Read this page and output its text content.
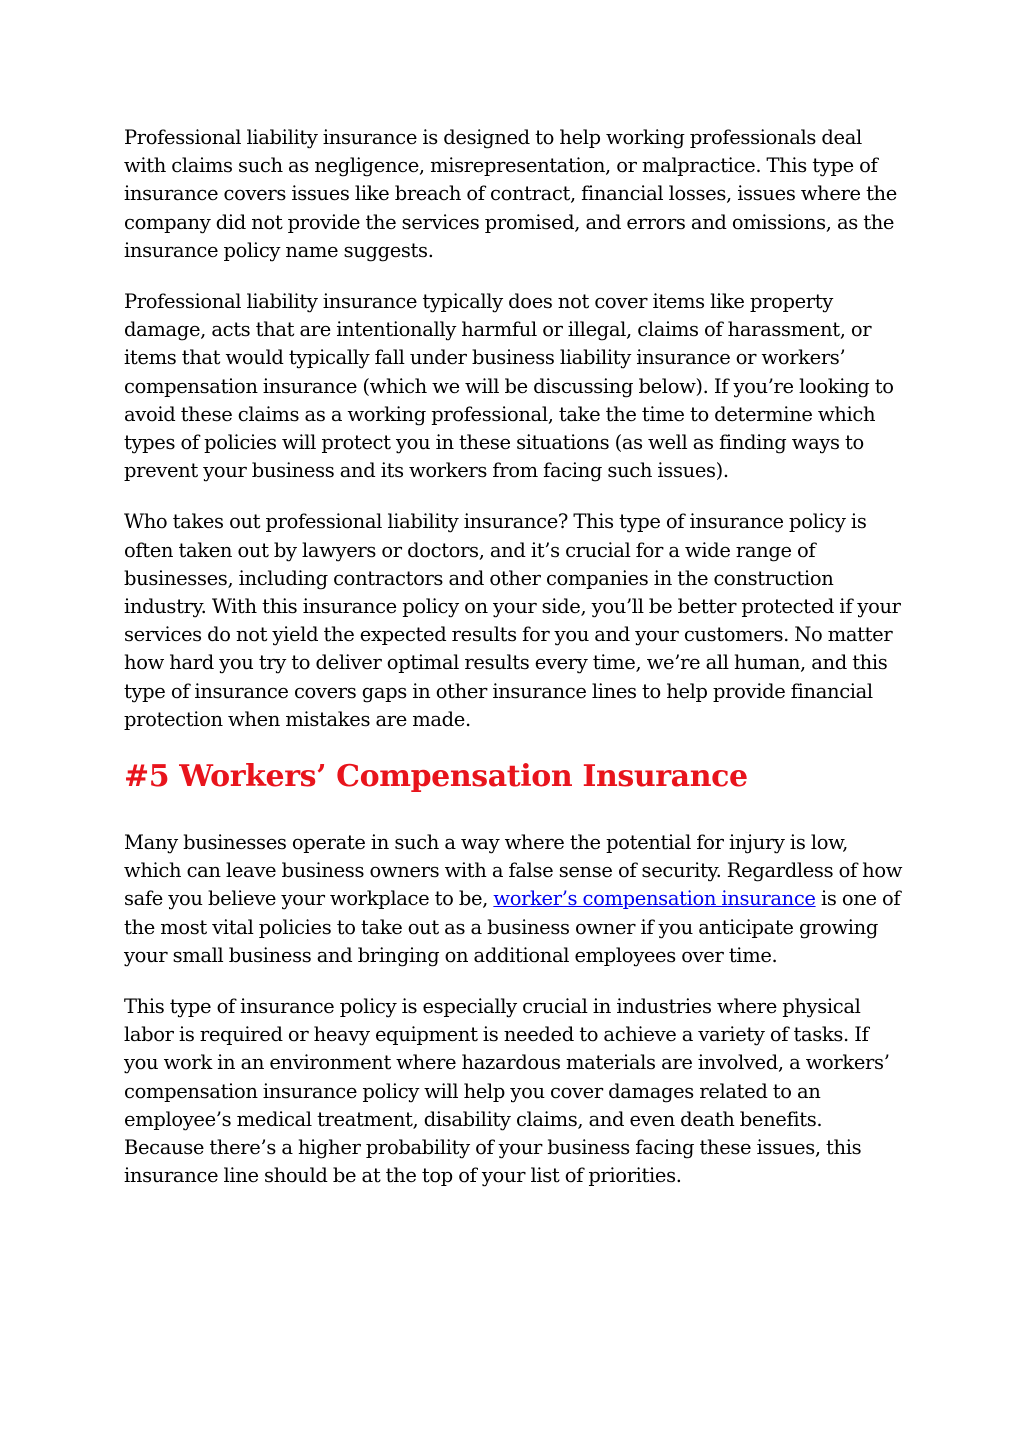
Professional liability insurance is designed to help working professionals deal with claims such as negligence, misrepresentation, or malpractice. This type of insurance covers issues like breach of contract, financial losses, issues where the company did not provide the services promised, and errors and omissions, as the insurance policy name suggests.

Professional liability insurance typically does not cover items like property damage, acts that are intentionally harmful or illegal, claims of harassment, or items that would typically fall under business liability insurance or workers’ compensation insurance (which we will be discussing below). If you’re looking to avoid these claims as a working professional, take the time to determine which types of policies will protect you in these situations (as well as finding ways to prevent your business and its workers from facing such issues).

Who takes out professional liability insurance? This type of insurance policy is often taken out by lawyers or doctors, and it’s crucial for a wide range of businesses, including contractors and other companies in the construction industry. With this insurance policy on your side, you’ll be better protected if your services do not yield the expected results for you and your customers. No matter how hard you try to deliver optimal results every time, we’re all human, and this type of insurance covers gaps in other insurance lines to help provide financial protection when mistakes are made.

#5 Workers’ Compensation Insurance

Many businesses operate in such a way where the potential for injury is low, which can leave business owners with a false sense of security. Regardless of how safe you believe your workplace to be, worker’s compensation insurance is one of the most vital policies to take out as a business owner if you anticipate growing your small business and bringing on additional employees over time.

This type of insurance policy is especially crucial in industries where physical labor is required or heavy equipment is needed to achieve a variety of tasks. If you work in an environment where hazardous materials are involved, a workers’ compensation insurance policy will help you cover damages related to an employee’s medical treatment, disability claims, and even death benefits. Because there’s a higher probability of your business facing these issues, this insurance line should be at the top of your list of priorities.
